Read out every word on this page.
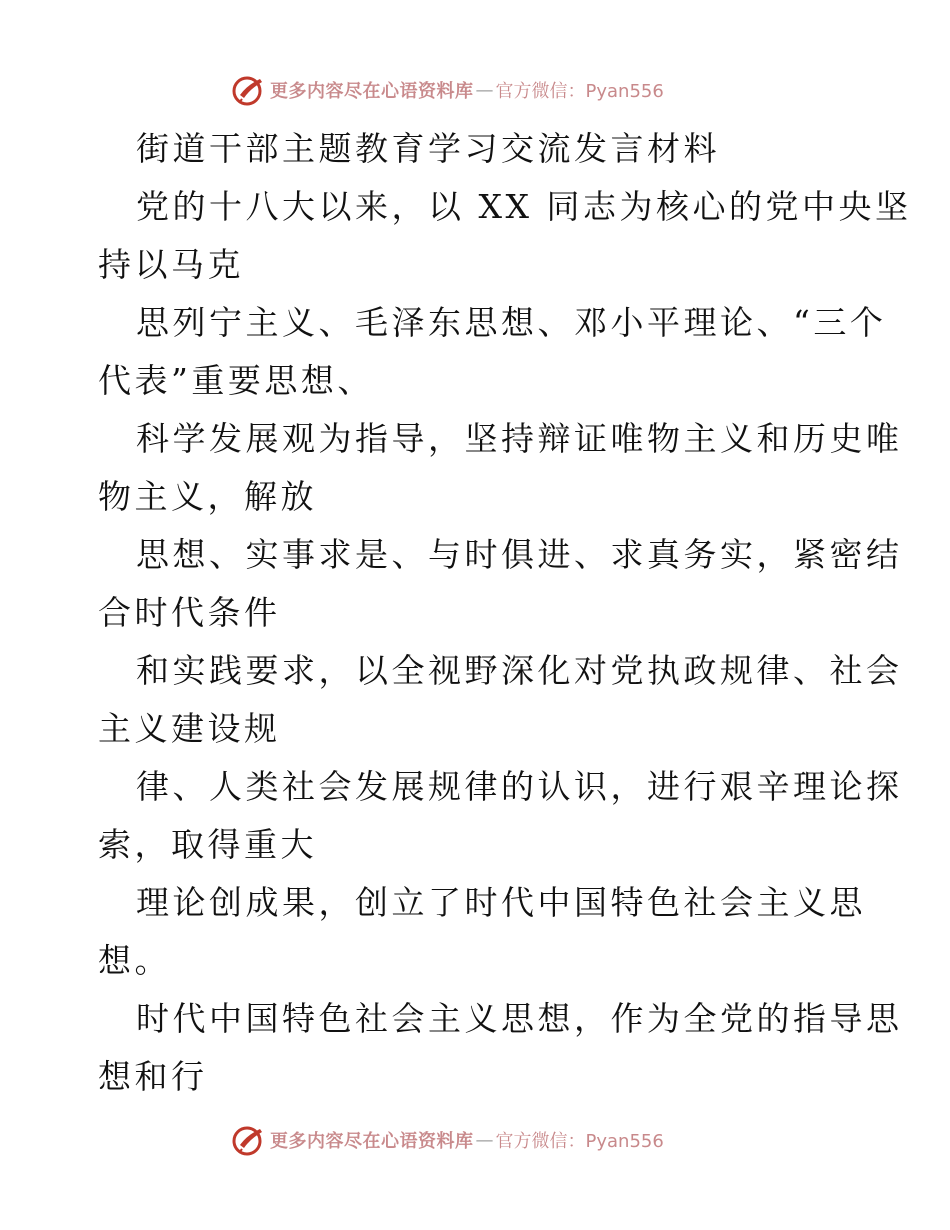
更多内容尽在心语资料库 — 官方微信：Pyan556
街道干部主题教育学习交流发言材料
党的十八大以来，以 XX 同志为核心的党中央坚
持以马克
思列宁主义、毛泽东思想、邓小平理论、“三个
代表”重要思想、
科学发展观为指导，坚持辩证唯物主义和历史唯
物主义，解放
思想、实事求是、与时俱进、求真务实，紧密结
合时代条件
和实践要求，以全视野深化对党执政规律、社会
主义建设规
律、人类社会发展规律的认识，进行艰辛理论探
索，取得重大
理论创成果，创立了时代中国特色社会主义思
想。
时代中国特色社会主义思想，作为全党的指导思
想和行
更多内容尽在心语资料库 — 官方微信：Pyan556
